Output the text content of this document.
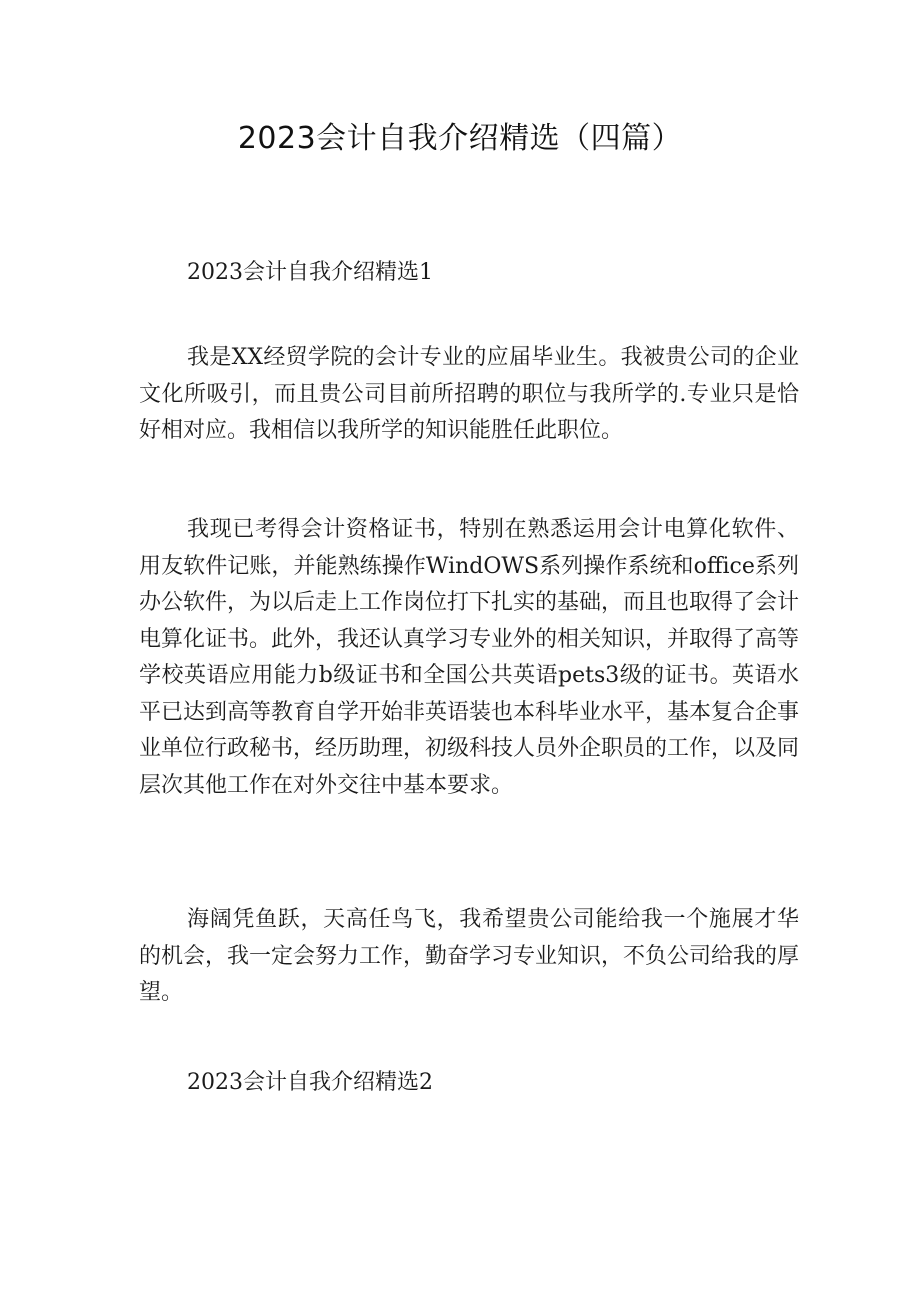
2023会计自我介绍精选（四篇）
2023会计自我介绍精选1

我是XX经贸学院的会计专业的应届毕业生。我被贵公司的企业文化所吸引，而且贵公司目前所招聘的职位与我所学的.专业只是恰好相对应。我相信以我所学的知识能胜任此职位。

我现已考得会计资格证书，特别在熟悉运用会计电算化软件、用友软件记账，并能熟练操作WindOWS系列操作系统和office系列办公软件，为以后走上工作岗位打下扎实的基础，而且也取得了会计电算化证书。此外，我还认真学习专业外的相关知识，并取得了高等学校英语应用能力b级证书和全国公共英语pets3级的证书。英语水平已达到高等教育自学开始非英语装也本科毕业水平，基本复合企事业单位行政秘书，经历助理，初级科技人员外企职员的工作，以及同层次其他工作在对外交往中基本要求。

海阔凭鱼跃，天高任鸟飞，我希望贵公司能给我一个施展才华的机会，我一定会努力工作，勤奋学习专业知识，不负公司给我的厚望。

2023会计自我介绍精选2
